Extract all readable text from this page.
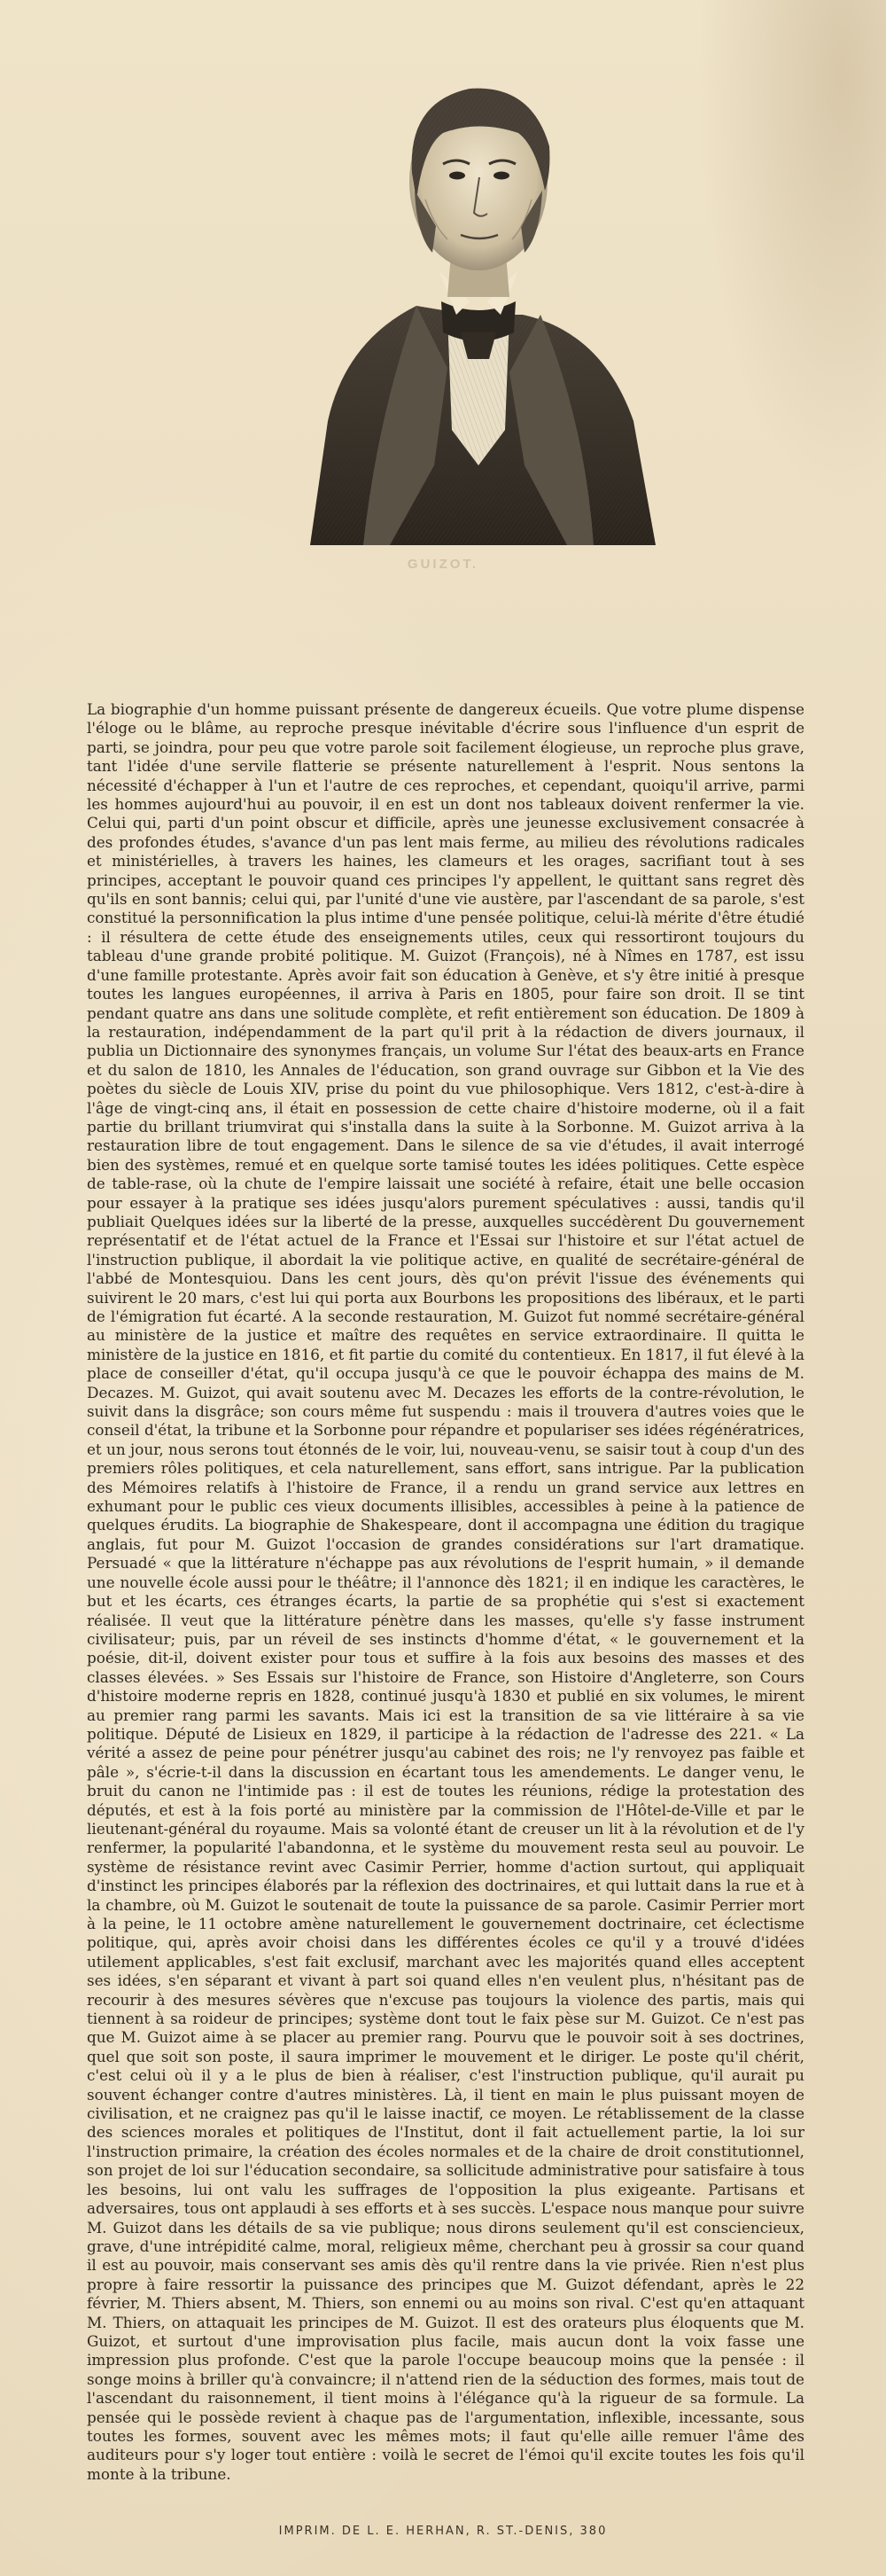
GUIZOT.

La biographie d'un homme puissant présente de dangereux écueils. Que votre plume dispense l'éloge ou le blâme, au reproche presque inévitable d'écrire sous l'influence d'un esprit de parti, se joindra, pour peu que votre parole soit facilement élogieuse, un reproche plus grave, tant l'idée d'une servile flatterie se présente naturellement à l'esprit. Nous sentons la nécessité d'échapper à l'un et l'autre de ces reproches, et cependant, quoiqu'il arrive, parmi les hommes aujourd'hui au pouvoir, il en est un dont nos tableaux doivent renfermer la vie. Celui qui, parti d'un point obscur et difficile, après une jeunesse exclusivement consacrée à des profondes études, s'avance d'un pas lent mais ferme, au milieu des révolutions radicales et ministérielles, à travers les haines, les clameurs et les orages, sacrifiant tout à ses principes, acceptant le pouvoir quand ces principes l'y appellent, le quittant sans regret dès qu'ils en sont bannis; celui qui, par l'unité d'une vie austère, par l'ascendant de sa parole, s'est constitué la personnification la plus intime d'une pensée politique, celui-là mérite d'être étudié : il résultera de cette étude des enseignements utiles, ceux qui ressortiront toujours du tableau d'une grande probité politique. M. Guizot (François), né à Nîmes en 1787, est issu d'une famille protestante. Après avoir fait son éducation à Genève, et s'y être initié à presque toutes les langues européennes, il arriva à Paris en 1805, pour faire son droit. Il se tint pendant quatre ans dans une solitude complète, et refit entièrement son éducation. De 1809 à la restauration, indépendamment de la part qu'il prit à la rédaction de divers journaux, il publia un Dictionnaire des synonymes français, un volume Sur l'état des beaux-arts en France et du salon de 1810, les Annales de l'éducation, son grand ouvrage sur Gibbon et la Vie des poètes du siècle de Louis XIV, prise du point du vue philosophique. Vers 1812, c'est-à-dire à l'âge de vingt-cinq ans, il était en possession de cette chaire d'histoire moderne, où il a fait partie du brillant triumvirat qui s'installa dans la suite à la Sorbonne. M. Guizot arriva à la restauration libre de tout engagement. Dans le silence de sa vie d'études, il avait interrogé bien des systèmes, remué et en quelque sorte tamisé toutes les idées politiques. Cette espèce de table-rase, où la chute de l'empire laissait une société à refaire, était une belle occasion pour essayer à la pratique ses idées jusqu'alors purement spéculatives : aussi, tandis qu'il publiait Quelques idées sur la liberté de la presse, auxquelles succédèrent Du gouvernement représentatif et de l'état actuel de la France et l'Essai sur l'histoire et sur l'état actuel de l'instruction publique, il abordait la vie politique active, en qualité de secrétaire-général de l'abbé de Montesquiou. Dans les cent jours, dès qu'on prévit l'issue des événements qui suivirent le 20 mars, c'est lui qui porta aux Bourbons les propositions des libéraux, et le parti de l'émigration fut écarté. A la seconde restauration, M. Guizot fut nommé secrétaire-général au ministère de la justice et maître des requêtes en service extraordinaire. Il quitta le ministère de la justice en 1816, et fit partie du comité du contentieux. En 1817, il fut élevé à la place de conseiller d'état, qu'il occupa jusqu'à ce que le pouvoir échappa des mains de M. Decazes. M. Guizot, qui avait soutenu avec M. Decazes les efforts de la contre-révolution, le suivit dans la disgrâce; son cours même fut suspendu : mais il trouvera d'autres voies que le conseil d'état, la tribune et la Sorbonne pour répandre et populariser ses idées régénératrices, et un jour, nous serons tout étonnés de le voir, lui, nouveau-venu, se saisir tout à coup d'un des premiers rôles politiques, et cela naturellement, sans effort, sans intrigue. Par la publication des Mémoires relatifs à l'histoire de France, il a rendu un grand service aux lettres en exhumant pour le public ces vieux documents illisibles, accessibles à peine à la patience de quelques érudits. La biographie de Shakespeare, dont il accompagna une édition du tragique anglais, fut pour M. Guizot l'occasion de grandes considérations sur l'art dramatique. Persuadé « que la littérature n'échappe pas aux révolutions de l'esprit humain, » il demande une nouvelle école aussi pour le théâtre; il l'annonce dès 1821; il en indique les caractères, le but et les écarts, ces étranges écarts, la partie de sa prophétie qui s'est si exactement réalisée. Il veut que la littérature pénètre dans les masses, qu'elle s'y fasse instrument civilisateur; puis, par un réveil de ses instincts d'homme d'état, « le gouvernement et la poésie, dit-il, doivent exister pour tous et suffire à la fois aux besoins des masses et des classes élevées. » Ses Essais sur l'histoire de France, son Histoire d'Angleterre, son Cours d'histoire moderne repris en 1828, continué jusqu'à 1830 et publié en six volumes, le mirent au premier rang parmi les savants. Mais ici est la transition de sa vie littéraire à sa vie politique. Député de Lisieux en 1829, il participe à la rédaction de l'adresse des 221. « La vérité a assez de peine pour pénétrer jusqu'au cabinet des rois; ne l'y renvoyez pas faible et pâle », s'écrie-t-il dans la discussion en écartant tous les amendements. Le danger venu, le bruit du canon ne l'intimide pas : il est de toutes les réunions, rédige la protestation des députés, et est à la fois porté au ministère par la commission de l'Hôtel-de-Ville et par le lieutenant-général du royaume. Mais sa volonté étant de creuser un lit à la révolution et de l'y renfermer, la popularité l'abandonna, et le système du mouvement resta seul au pouvoir. Le système de résistance revint avec Casimir Perrier, homme d'action surtout, qui appliquait d'instinct les principes élaborés par la réflexion des doctrinaires, et qui luttait dans la rue et à la chambre, où M. Guizot le soutenait de toute la puissance de sa parole. Casimir Perrier mort à la peine, le 11 octobre amène naturellement le gouvernement doctrinaire, cet éclectisme politique, qui, après avoir choisi dans les différentes écoles ce qu'il y a trouvé d'idées utilement applicables, s'est fait exclusif, marchant avec les majorités quand elles acceptent ses idées, s'en séparant et vivant à part soi quand elles n'en veulent plus, n'hésitant pas de recourir à des mesures sévères que n'excuse pas toujours la violence des partis, mais qui tiennent à sa roideur de principes; système dont tout le faix pèse sur M. Guizot. Ce n'est pas que M. Guizot aime à se placer au premier rang. Pourvu que le pouvoir soit à ses doctrines, quel que soit son poste, il saura imprimer le mouvement et le diriger. Le poste qu'il chérit, c'est celui où il y a le plus de bien à réaliser, c'est l'instruction publique, qu'il aurait pu souvent échanger contre d'autres ministères. Là, il tient en main le plus puissant moyen de civilisation, et ne craignez pas qu'il le laisse inactif, ce moyen. Le rétablissement de la classe des sciences morales et politiques de l'Institut, dont il fait actuellement partie, la loi sur l'instruction primaire, la création des écoles normales et de la chaire de droit constitutionnel, son projet de loi sur l'éducation secondaire, sa sollicitude administrative pour satisfaire à tous les besoins, lui ont valu les suffrages de l'opposition la plus exigeante. Partisans et adversaires, tous ont applaudi à ses efforts et à ses succès. L'espace nous manque pour suivre M. Guizot dans les détails de sa vie publique; nous dirons seulement qu'il est consciencieux, grave, d'une intrépidité calme, moral, religieux même, cherchant peu à grossir sa cour quand il est au pouvoir, mais conservant ses amis dès qu'il rentre dans la vie privée. Rien n'est plus propre à faire ressortir la puissance des principes que M. Guizot défendant, après le 22 février, M. Thiers absent, M. Thiers, son ennemi ou au moins son rival. C'est qu'en attaquant M. Thiers, on attaquait les principes de M. Guizot. Il est des orateurs plus éloquents que M. Guizot, et surtout d'une improvisation plus facile, mais aucun dont la voix fasse une impression plus profonde. C'est que la parole l'occupe beaucoup moins que la pensée : il songe moins à briller qu'à convaincre; il n'attend rien de la séduction des formes, mais tout de l'ascendant du raisonnement, il tient moins à l'élégance qu'à la rigueur de sa formule. La pensée qui le possède revient à chaque pas de l'argumentation, inflexible, incessante, sous toutes les formes, souvent avec les mêmes mots; il faut qu'elle aille remuer l'âme des auditeurs pour s'y loger tout entière : voilà le secret de l'émoi qu'il excite toutes les fois qu'il monte à la tribune.

IMPRIM. DE L. E. HERHAN, R. ST.-DENIS, 380
